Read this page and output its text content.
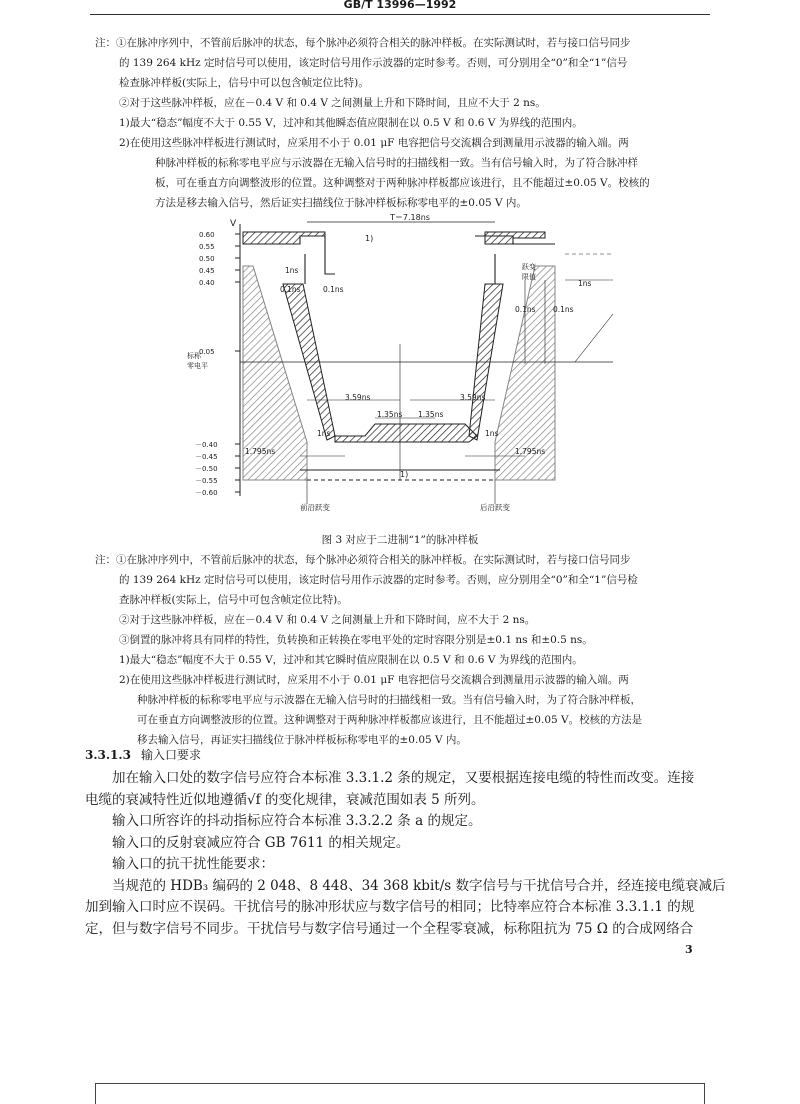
GB/T 13996—1992

注：①在脉冲序列中，不管前后脉冲的状态，每个脉冲必须符合相关的脉冲样板。在实际测试时，若与接口信号同步

的 139 264 kHz 定时信号可以使用，该定时信号用作示波器的定时参考。否则，可分别用全“0”和全“1”信号

检查脉冲样板(实际上，信号中可以包含帧定位比特)。

②对于这些脉冲样板，应在－0.4 V 和 0.4 V 之间测量上升和下降时间，且应不大于 2 ns。

1)最大“稳态”幅度不大于 0.55 V，过冲和其他瞬态值应限制在以 0.5 V 和 0.6 V 为界线的范围内。

2)在使用这些脉冲样板进行测试时，应采用不小于 0.01 μF 电容把信号交流耦合到测量用示波器的输入端。两

种脉冲样板的标称零电平应与示波器在无输入信号时的扫描线相一致。当有信号输入时，为了符合脉冲样

板，可在垂直方向调整波形的位置。这种调整对于两种脉冲样板都应该进行，且不能超过±0.05 V。校核的

方法是移去输入信号，然后证实扫描线位于脉冲样板标称零电平的±0.05 V 内。

V
0.60
0.55
0.50
0.45
0.40
0.05
－0.40
－0.45
－0.50
－0.55
－0.60
标称
零电平
T＝7.18ns
1ns
0.1ns	0.1ns
3.59ns	3.59ns
1.35ns 1.35ns
1ns	1ns
1.795ns	1.795ns
0.1ns 0.1ns
1ns
1)
1)
跃变
限值
前沿跃变	后沿跃变
图 3 对应于二进制“1”的脉冲样板

注：①在脉冲序列中，不管前后脉冲的状态，每个脉冲必须符合相关的脉冲样板。在实际测试时，若与接口信号同步

的 139 264 kHz 定时信号可以使用，该定时信号用作示波器的定时参考。否则，应分别用全“0”和全“1”信号检

查脉冲样板(实际上，信号中可包含帧定位比特)。

②对于这些脉冲样板，应在－0.4 V 和 0.4 V 之间测量上升和下降时间，应不大于 2 ns。

③倒置的脉冲将具有同样的特性，负转换和正转换在零电平处的定时容限分别是±0.1 ns 和±0.5 ns。

1)最大“稳态”幅度不大于 0.55 V，过冲和其它瞬时值应限制在以 0.5 V 和 0.6 V 为界线的范围内。

2)在使用这些脉冲样板进行测试时，应采用不小于 0.01 μF 电容把信号交流耦合到测量用示波器的输入端。两

种脉冲样板的标称零电平应与示波器在无输入信号时的扫描线相一致。当有信号输入时，为了符合脉冲样板，

可在垂直方向调整波形的位置。这种调整对于两种脉冲样板都应该进行，且不能超过±0.05 V。校核的方法是

移去输入信号，再证实扫描线位于脉冲样板标称零电平的±0.05 V 内。

3.3.1.3 输入口要求

加在输入口处的数字信号应符合本标准 3.3.1.2 条的规定，又要根据连接电缆的特性而改变。连接

电缆的衰减特性近似地遵循√f 的变化规律，衰减范围如表 5 所列。

输入口所容许的抖动指标应符合本标准 3.3.2.2 条 a 的规定。

输入口的反射衰减应符合 GB 7611 的相关规定。

输入口的抗干扰性能要求：

当规范的 HDB₃ 编码的 2 048、8 448、34 368 kbit/s 数字信号与干扰信号合并，经连接电缆衰减后

加到输入口时应不误码。干扰信号的脉冲形状应与数字信号的相同；比特率应符合本标准 3.3.1.1 的规

定，但与数字信号不同步。干扰信号与数字信号通过一个全程零衰减，标称阻抗为 75 Ω 的合成网络合

3
